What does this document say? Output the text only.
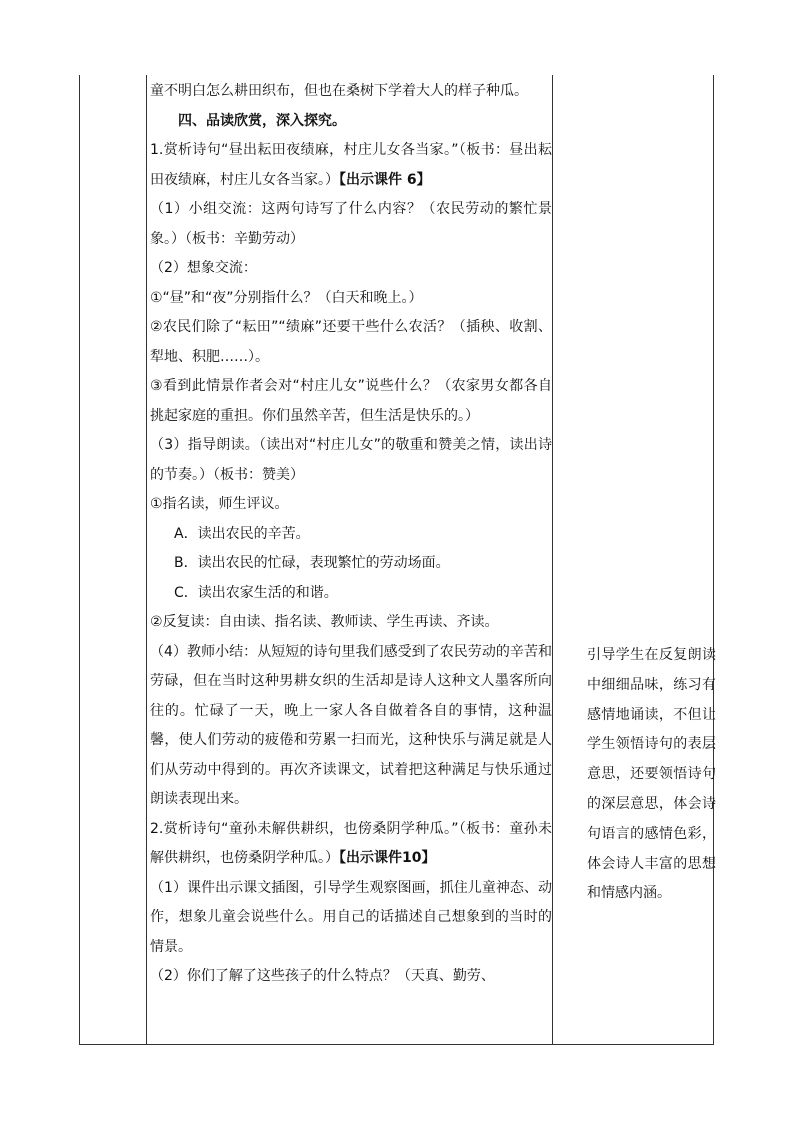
童不明白怎么耕田织布，但也在桑树下学着大人的样子种瓜。

四、品读欣赏，深入探究。

1.赏析诗句“昼出耘田夜绩麻，村庄儿女各当家。”（板书：昼出耘田夜绩麻，村庄儿女各当家。）【出示课件 6】

（1）小组交流：这两句诗写了什么内容？（农民劳动的繁忙景象。）（板书：辛勤劳动）

（2）想象交流：

①“昼”和“夜”分别指什么？（白天和晚上。）

②农民们除了“耘田”“绩麻”还要干些什么农活？（插秧、收割、犁地、积肥……）。

③看到此情景作者会对“村庄儿女”说些什么？（农家男女都各自挑起家庭的重担。你们虽然辛苦，但生活是快乐的。）

（3）指导朗读。（读出对“村庄儿女”的敬重和赞美之情，读出诗的节奏。）（板书：赞美）

①指名读，师生评议。

A．读出农民的辛苦。

B．读出农民的忙碌，表现繁忙的劳动场面。

C．读出农家生活的和谐。

②反复读：自由读、指名读、教师读、学生再读、齐读。

（4）教师小结：从短短的诗句里我们感受到了农民劳动的辛苦和劳碌，但在当时这种男耕女织的生活却是诗人这种文人墨客所向往的。忙碌了一天，晚上一家人各自做着各自的事情，这种温馨，使人们劳动的疲倦和劳累一扫而光，这种快乐与满足就是人们从劳动中得到的。再次齐读课文，试着把这种满足与快乐通过朗读表现出来。

2.赏析诗句“童孙未解供耕织，也傍桑阴学种瓜。”（板书：童孙未解供耕织，也傍桑阴学种瓜。）【出示课件10】

（1）课件出示课文插图，引导学生观察图画，抓住儿童神态、动作，想象儿童会说些什么。用自己的话描述自己想象到的当时的情景。

（2）你们了解了这些孩子的什么特点？（天真、勤劳、

引导学生在反复朗读中细细品味，练习有感情地诵读，不但让学生领悟诗句的表层意思，还要领悟诗句的深层意思，体会诗句语言的感情色彩，体会诗人丰富的思想和情感内涵。
